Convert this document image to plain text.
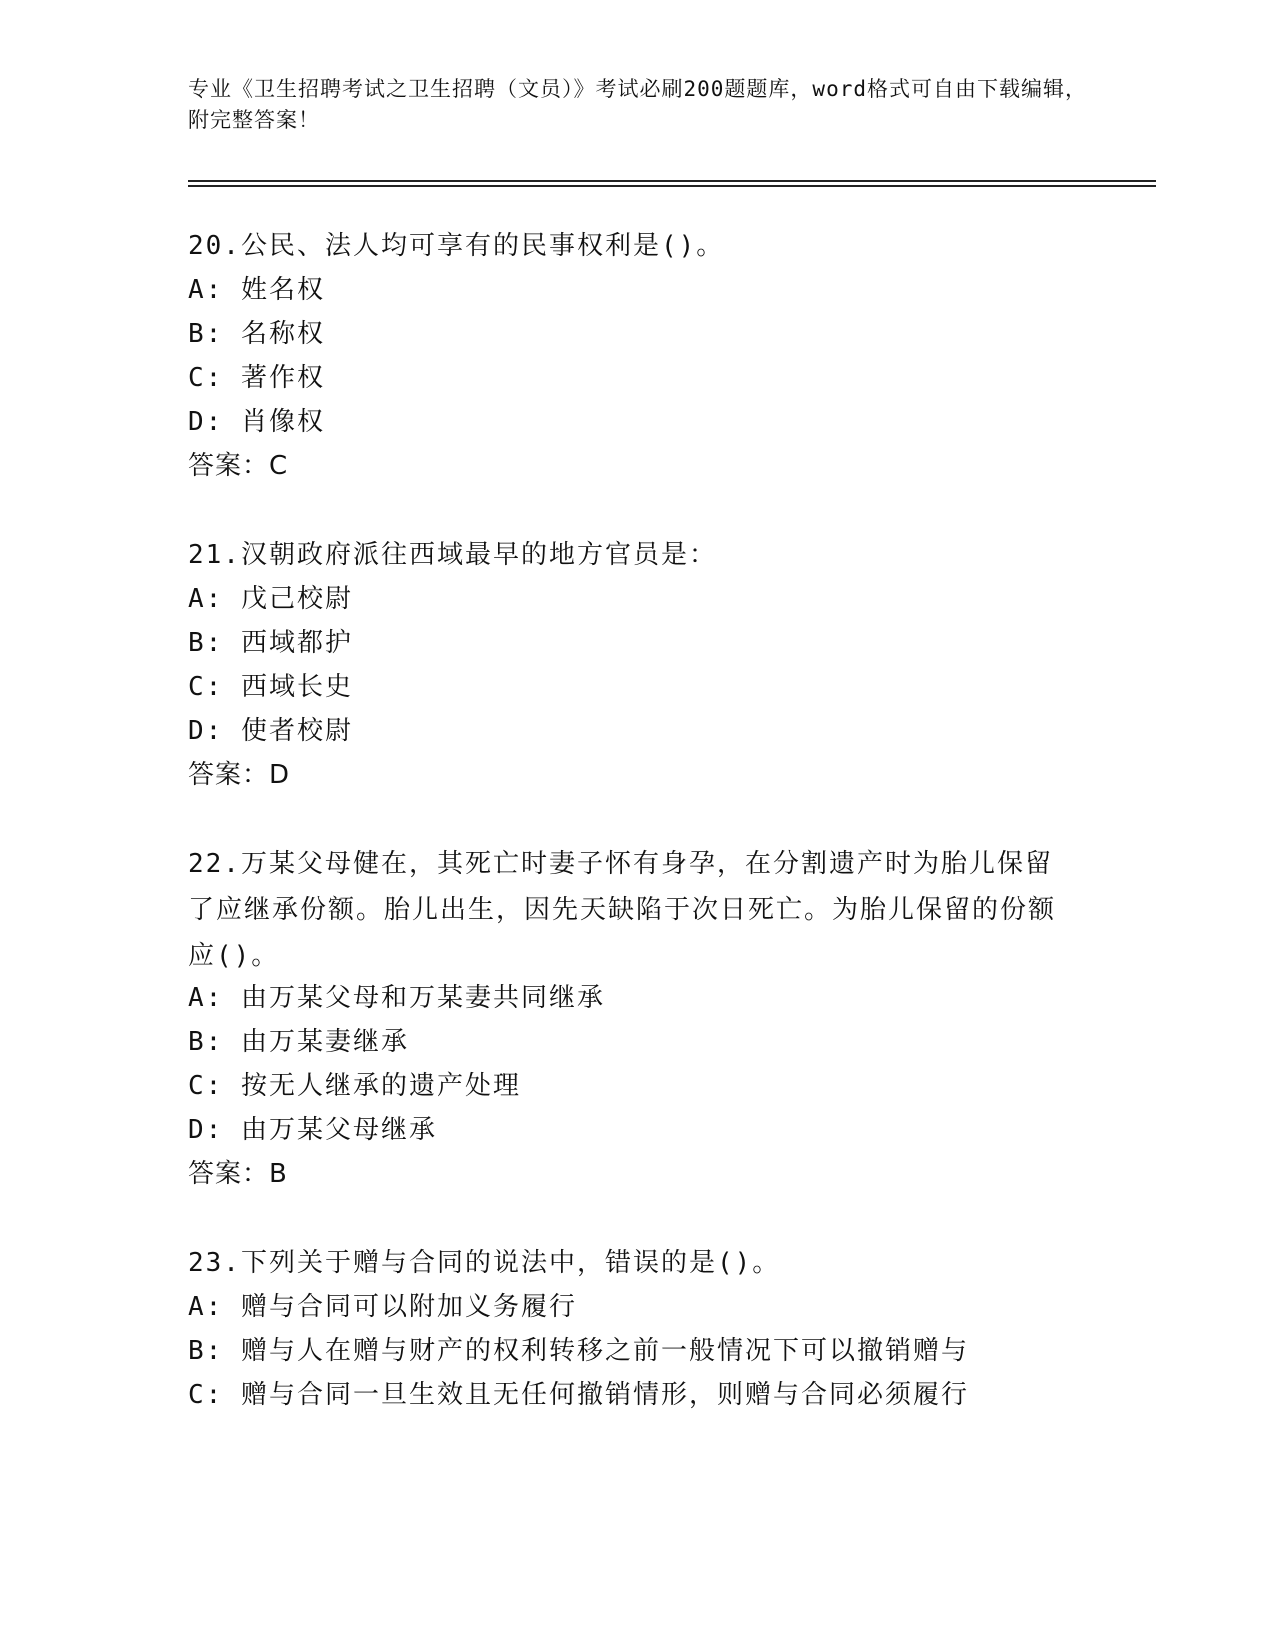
专业《卫生招聘考试之卫生招聘（文员）》考试必刷200题题库，word格式可自由下载编辑，附完整答案！
20.公民、法人均可享有的民事权利是()。
A: 姓名权
B: 名称权
C: 著作权
D: 肖像权
答案：C
21.汉朝政府派往西域最早的地方官员是：
A: 戊己校尉
B: 西域都护
C: 西域长史
D: 使者校尉
答案：D
22.万某父母健在，其死亡时妻子怀有身孕，在分割遗产时为胎儿保留了应继承份额。胎儿出生，因先天缺陷于次日死亡。为胎儿保留的份额应()。
A: 由万某父母和万某妻共同继承
B: 由万某妻继承
C: 按无人继承的遗产处理
D: 由万某父母继承
答案：B
23.下列关于赠与合同的说法中，错误的是()。
A: 赠与合同可以附加义务履行
B: 赠与人在赠与财产的权利转移之前一般情况下可以撤销赠与
C: 赠与合同一旦生效且无任何撤销情形，则赠与合同必须履行
